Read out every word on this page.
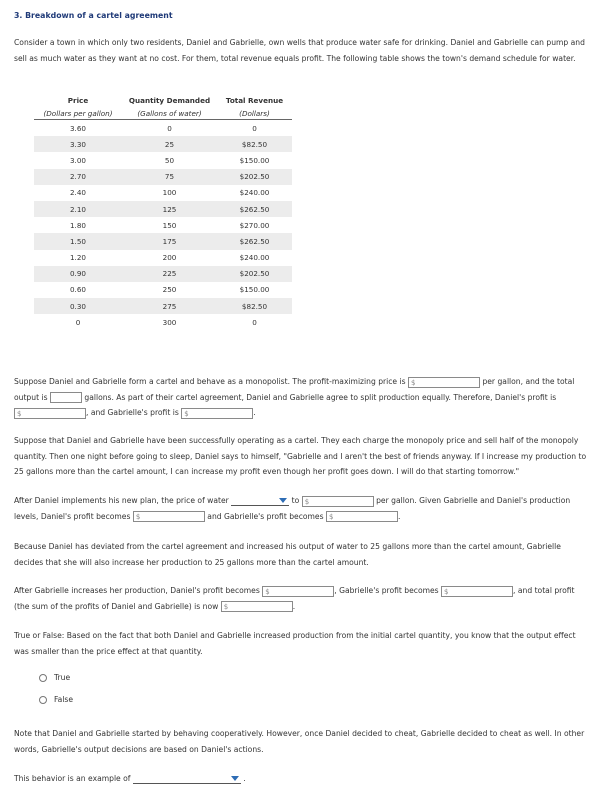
3. Breakdown of a cartel agreement

Consider a town in which only two residents, Daniel and Gabrielle, own wells that produce water safe for drinking. Daniel and Gabrielle can pump and sell as much water as they want at no cost. For them, total revenue equals profit. The following table shows the town's demand schedule for water.

Price	Quantity Demanded	Total Revenue
(Dollars per gallon)	(Gallons of water)	(Dollars)
3.60	0	0
3.30	25	$82.50
3.00	50	$150.00
2.70	75	$202.50
2.40	100	$240.00
2.10	125	$262.50
1.80	150	$270.00
1.50	175	$262.50
1.20	200	$240.00
0.90	225	$202.50
0.60	250	$150.00
0.30	275	$82.50
0	300	0

Suppose Daniel and Gabrielle form a cartel and behave as a monopolist. The profit-maximizing price is $	per gallon, and the total output is	gallons. As part of their cartel agreement, Daniel and Gabrielle agree to split production equally. Therefore, Daniel's profit is

$	, and Gabrielle's profit is $	.

Suppose that Daniel and Gabrielle have been successfully operating as a cartel. They each charge the monopoly price and sell half of the monopoly quantity. Then one night before going to sleep, Daniel says to himself, "Gabrielle and I aren't the best of friends anyway. If I increase my production to 25 gallons more than the cartel amount, I can increase my profit even though her profit goes down. I will do that starting tomorrow."

After Daniel implements his new plan, the price of water	to $	per gallon. Given Gabrielle and Daniel's production levels, Daniel's profit becomes $	and Gabrielle's profit becomes $	.

Because Daniel has deviated from the cartel agreement and increased his output of water to 25 gallons more than the cartel amount, Gabrielle decides that she will also increase her production to 25 gallons more than the cartel amount.

After Gabrielle increases her production, Daniel's profit becomes $	, Gabrielle's profit becomes $	, and total profit (the sum of the profits of Daniel and Gabrielle) is now $	.

True or False: Based on the fact that both Daniel and Gabrielle increased production from the initial cartel quantity, you know that the output effect was smaller than the price effect at that quantity.

True
False

Note that Daniel and Gabrielle started by behaving cooperatively. However, once Daniel decided to cheat, Gabrielle decided to cheat as well. In other words, Gabrielle's output decisions are based on Daniel's actions.

This behavior is an example of	.
